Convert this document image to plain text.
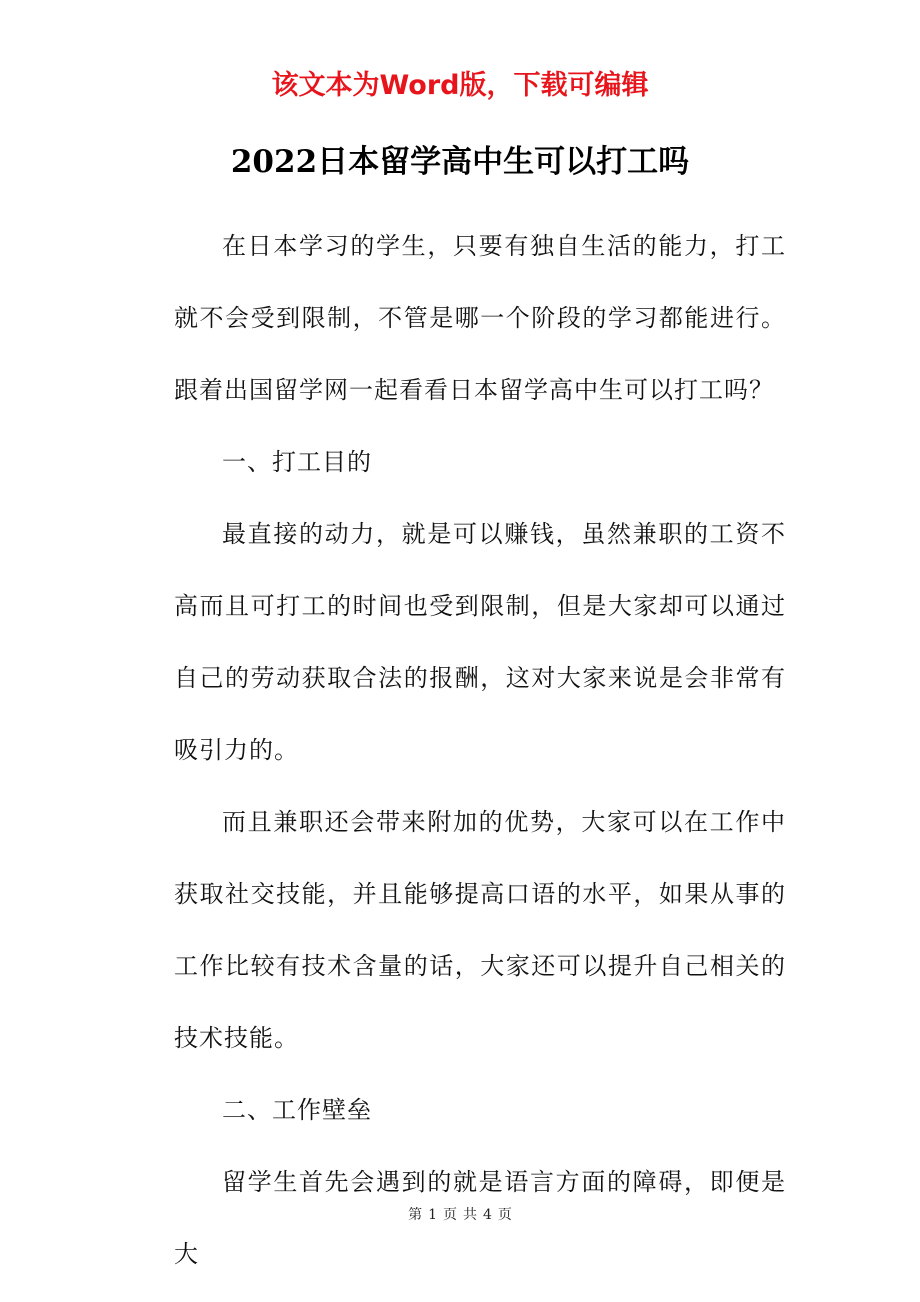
该文本为Word版，下载可编辑
2022日本留学高中生可以打工吗

在日本学习的学生，只要有独自生活的能力，打工就不会受到限制，不管是哪一个阶段的学习都能进行。跟着出国留学网一起看看日本留学高中生可以打工吗？

一、打工目的

最直接的动力，就是可以赚钱，虽然兼职的工资不高而且可打工的时间也受到限制，但是大家却可以通过自己的劳动获取合法的报酬，这对大家来说是会非常有吸引力的。

而且兼职还会带来附加的优势，大家可以在工作中获取社交技能，并且能够提高口语的水平，如果从事的工作比较有技术含量的话，大家还可以提升自己相关的技术技能。

二、工作壁垒

留学生首先会遇到的就是语言方面的障碍，即便是大

第 1 页 共 4 页
